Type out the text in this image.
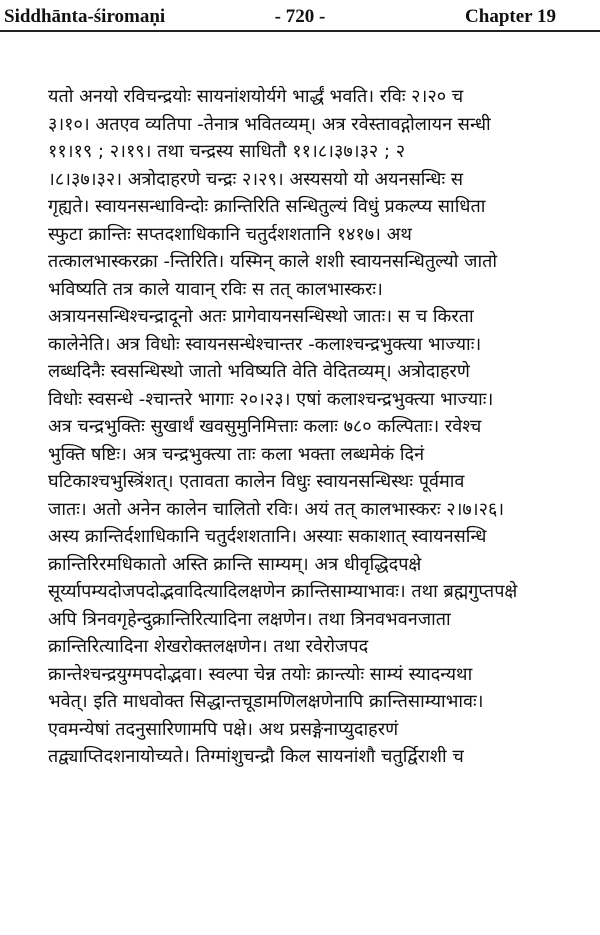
Siddhānta-śiromaṇi	- 720 -	Chapter 19
यतो अनयो रविचन्द्रयोः सायनांशयोर्यगे भार्द्धं भवति। रविः २।२० च
३।१०। अतएव व्यतिपा -तेनात्र भवितव्यम्। अत्र रवेस्तावद्गोलायन सन्धी
११।१९ ; २।१९। तथा चन्द्रस्य साधितौ ११।८।३७।३२ ; २
।८।३७।३२। अत्रोदाहरणे चन्द्रः २।२९। अस्यसयो यो अयनसन्धिः स
गृह्यते। स्वायनसन्धाविन्दोः क्रान्तिरिति सन्धितुल्यं विधुं प्रकल्प्य साधिता
स्फुटा क्रान्तिः सप्तदशाधिकानि चतुर्दशशतानि १४१७। अथ
तत्कालभास्करक्रा -न्तिरिति। यस्मिन् काले शशी स्वायनसन्धितुल्यो जातो
भविष्यति तत्र काले यावान् रविः स तत् कालभास्करः।
अत्रायनसन्धिश्चन्द्रादूनो अतः प्रागेवायनसन्धिस्थो जातः। स च किरता
कालेनेति। अत्र विधोः स्वायनसन्धेश्चान्तर -कलाश्चन्द्रभुक्त्या भाज्याः।
लब्धदिनैः स्वसन्धिस्थो जातो भविष्यति वेति वेदितव्यम्। अत्रोदाहरणे
विधोः स्वसन्धे -श्चान्तरे भागाः २०।२३। एषां कलाश्चन्द्रभुक्त्या भाज्याः।
अत्र चन्द्रभुक्तिः सुखार्थं खवसुमुनिमित्ताः कलाः ७८० कल्पिताः। रवेश्च
भुक्ति षष्टिः। अत्र चन्द्रभुक्त्या ताः कला भक्ता लब्धमेकं दिनं
घटिकाश्चभुस्त्रिंशत्। एतावता कालेन विधुः स्वायनसन्धिस्थः पूर्वमाव
जातः। अतो अनेन कालेन चालितो रविः। अयं तत् कालभास्करः २।७।२६।
अस्य क्रान्तिर्दशाधिकानि चतुर्दशशतानि। अस्याः सकाशात् स्वायनसन्धि
क्रान्तिरिरमधिकातो अस्ति क्रान्ति साम्यम्। अत्र धीवृद्धिदपक्षे
सूर्य्यापम्यदोजपदोद्भवादित्यादिलक्षणेन क्रान्तिसाम्याभावः। तथा ब्रह्मगुप्तपक्षे
अपि त्रिनवगृहेन्दुक्रान्तिरित्यादिना लक्षणेन। तथा त्रिनवभवनजाता
क्रान्तिरित्यादिना शेखरोक्तलक्षणेन। तथा रवेरोजपद
क्रान्तेश्चन्द्रयुग्मपदोद्भवा। स्वल्पा चेन्न तयोः क्रान्त्योः साम्यं स्यादन्यथा
भवेत्। इति माधवोक्त सिद्धान्तचूडामणिलक्षणेनापि क्रान्तिसाम्याभावः।
एवमन्येषां तदनुसारिणामपि पक्षे। अथ प्रसङ्गेनाप्युदाहरणं
तद्व्याप्तिदशनायोच्यते। तिग्मांशुचन्द्रौ किल सायनांशौ चतुर्द्विराशी च
